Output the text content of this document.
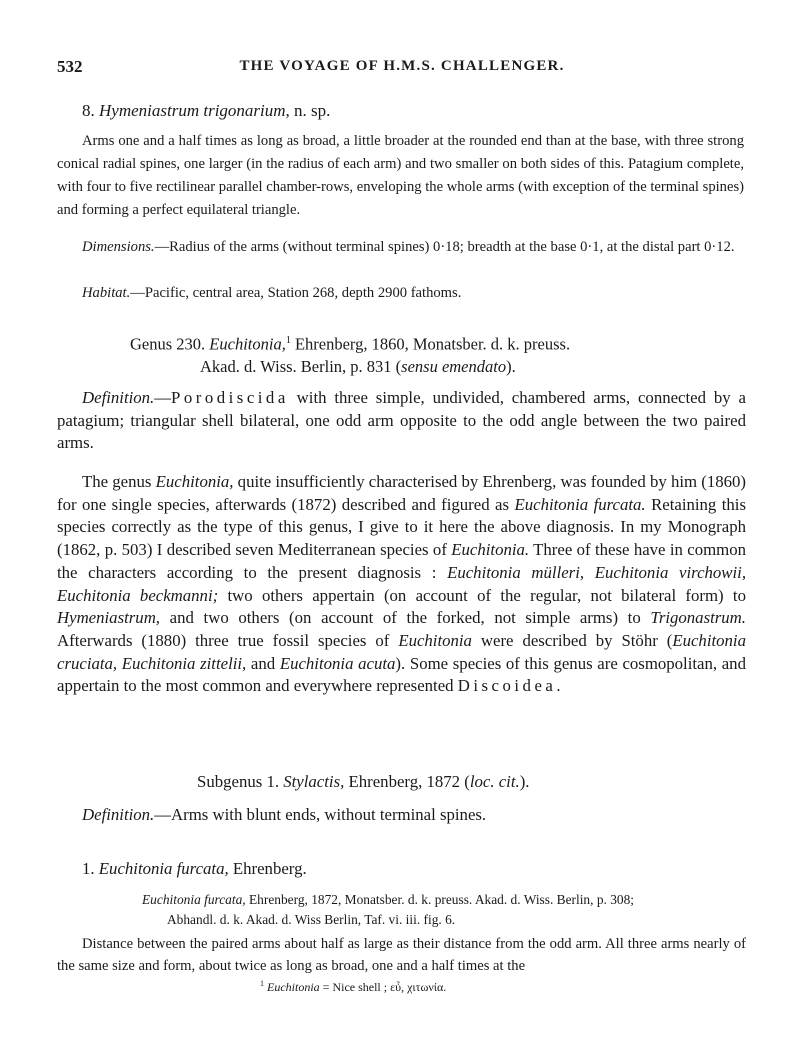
532	THE VOYAGE OF H.M.S. CHALLENGER.
8. Hymeniastrum trigonarium, n. sp.
Arms one and a half times as long as broad, a little broader at the rounded end than at the base, with three strong conical radial spines, one larger (in the radius of each arm) and two smaller on both sides of this. Patagium complete, with four to five rectilinear parallel chamber-rows, enveloping the whole arms (with exception of the terminal spines) and forming a perfect equilateral triangle.
Dimensions.—Radius of the arms (without terminal spines) 0·18; breadth at the base 0·1, at the distal part 0·12.
Habitat.—Pacific, central area, Station 268, depth 2900 fathoms.
Genus 230. Euchitonia,$^1$ Ehrenberg, 1860, Monatsber. d. k. preuss.
Akad. d. Wiss. Berlin, p. 831 (sensu emendato).
Definition.—Porodiscida with three simple, undivided, chambered arms, connected by a patagium; triangular shell bilateral, one odd arm opposite to the odd angle between the two paired arms.
The genus Euchitonia, quite insufficiently characterised by Ehrenberg, was founded by him (1860) for one single species, afterwards (1872) described and figured as Euchitonia furcata. Retaining this species correctly as the type of this genus, I give to it here the above diagnosis. In my Monograph (1862, p. 503) I described seven Mediterranean species of Euchitonia. Three of these have in common the characters according to the present diagnosis : Euchitonia mülleri, Euchitonia virchowii, Euchitonia beckmanni; two others appertain (on account of the regular, not bilateral form) to Hymeniastrum, and two others (on account of the forked, not simple arms) to Trigonastrum. Afterwards (1880) three true fossil species of Euchitonia were described by Stöhr (Euchitonia cruciata, Euchitonia zittelii, and Euchitonia acuta). Some species of this genus are cosmopolitan, and appertain to the most common and everywhere represented Discoidea.
Subgenus 1. Stylactis, Ehrenberg, 1872 (loc. cit.).
Definition.—Arms with blunt ends, without terminal spines.
1. Euchitonia furcata, Ehrenberg.
Euchitonia furcata, Ehrenberg, 1872, Monatsber. d. k. preuss. Akad. d. Wiss. Berlin, p. 308;
Abhandl. d. k. Akad. d. Wiss Berlin, Taf. vi. iii. fig. 6.
Distance between the paired arms about half as large as their distance from the odd arm. All three arms nearly of the same size and form, about twice as long as broad, one and a half times at the
$^1$ Euchitonia = Nice shell ; εὖ, χιτωνία.
